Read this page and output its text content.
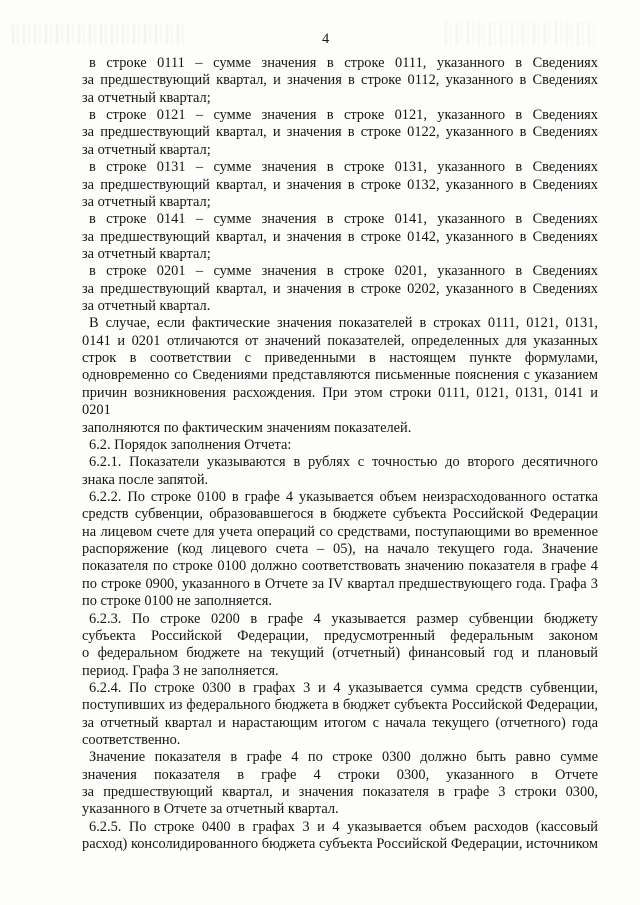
4
в строке 0111 – сумме значения в строке 0111, указанного в Сведениях
за предшествующий квартал, и значения в строке 0112, указанного в Сведениях
за отчетный квартал;
в строке 0121 – сумме значения в строке 0121, указанного в Сведениях
за предшествующий квартал, и значения в строке 0122, указанного в Сведениях
за отчетный квартал;
в строке 0131 – сумме значения в строке 0131, указанного в Сведениях
за предшествующий квартал, и значения в строке 0132, указанного в Сведениях
за отчетный квартал;
в строке 0141 – сумме значения в строке 0141, указанного в Сведениях
за предшествующий квартал, и значения в строке 0142, указанного в Сведениях
за отчетный квартал;
в строке 0201 – сумме значения в строке 0201, указанного в Сведениях
за предшествующий квартал, и значения в строке 0202, указанного в Сведениях
за отчетный квартал.
В случае, если фактические значения показателей в строках 0111, 0121, 0131,
0141 и 0201 отличаются от значений показателей, определенных для указанных
строк в соответствии с приведенными в настоящем пункте формулами,
одновременно со Сведениями представляются письменные пояснения с указанием
причин возникновения расхождения. При этом строки 0111, 0121, 0131, 0141 и 0201
заполняются по фактическим значениям показателей.
6.2. Порядок заполнения Отчета:
6.2.1. Показатели указываются в рублях с точностью до второго десятичного
знака после запятой.
6.2.2. По строке 0100 в графе 4 указывается объем неизрасходованного остатка
средств субвенции, образовавшегося в бюджете субъекта Российской Федерации
на лицевом счете для учета операций со средствами, поступающими во временное
распоряжение (код лицевого счета – 05), на начало текущего года. Значение
показателя по строке 0100 должно соответствовать значению показателя в графе 4
по строке 0900, указанного в Отчете за IV квартал предшествующего года. Графа 3
по строке 0100 не заполняется.
6.2.3. По строке 0200 в графе 4 указывается размер субвенции бюджету
субъекта Российской Федерации, предусмотренный федеральным законом
о федеральном бюджете на текущий (отчетный) финансовый год и плановый
период. Графа 3 не заполняется.
6.2.4. По строке 0300 в графах 3 и 4 указывается сумма средств субвенции,
поступивших из федерального бюджета в бюджет субъекта Российской Федерации,
за отчетный квартал и нарастающим итогом с начала текущего (отчетного) года
соответственно.
Значение показателя в графе 4 по строке 0300 должно быть равно сумме
значения показателя в графе 4 строки 0300, указанного в Отчете
за предшествующий квартал, и значения показателя в графе 3 строки 0300,
указанного в Отчете за отчетный квартал.
6.2.5. По строке 0400 в графах 3 и 4 указывается объем расходов (кассовый
расход) консолидированного бюджета субъекта Российской Федерации, источником
